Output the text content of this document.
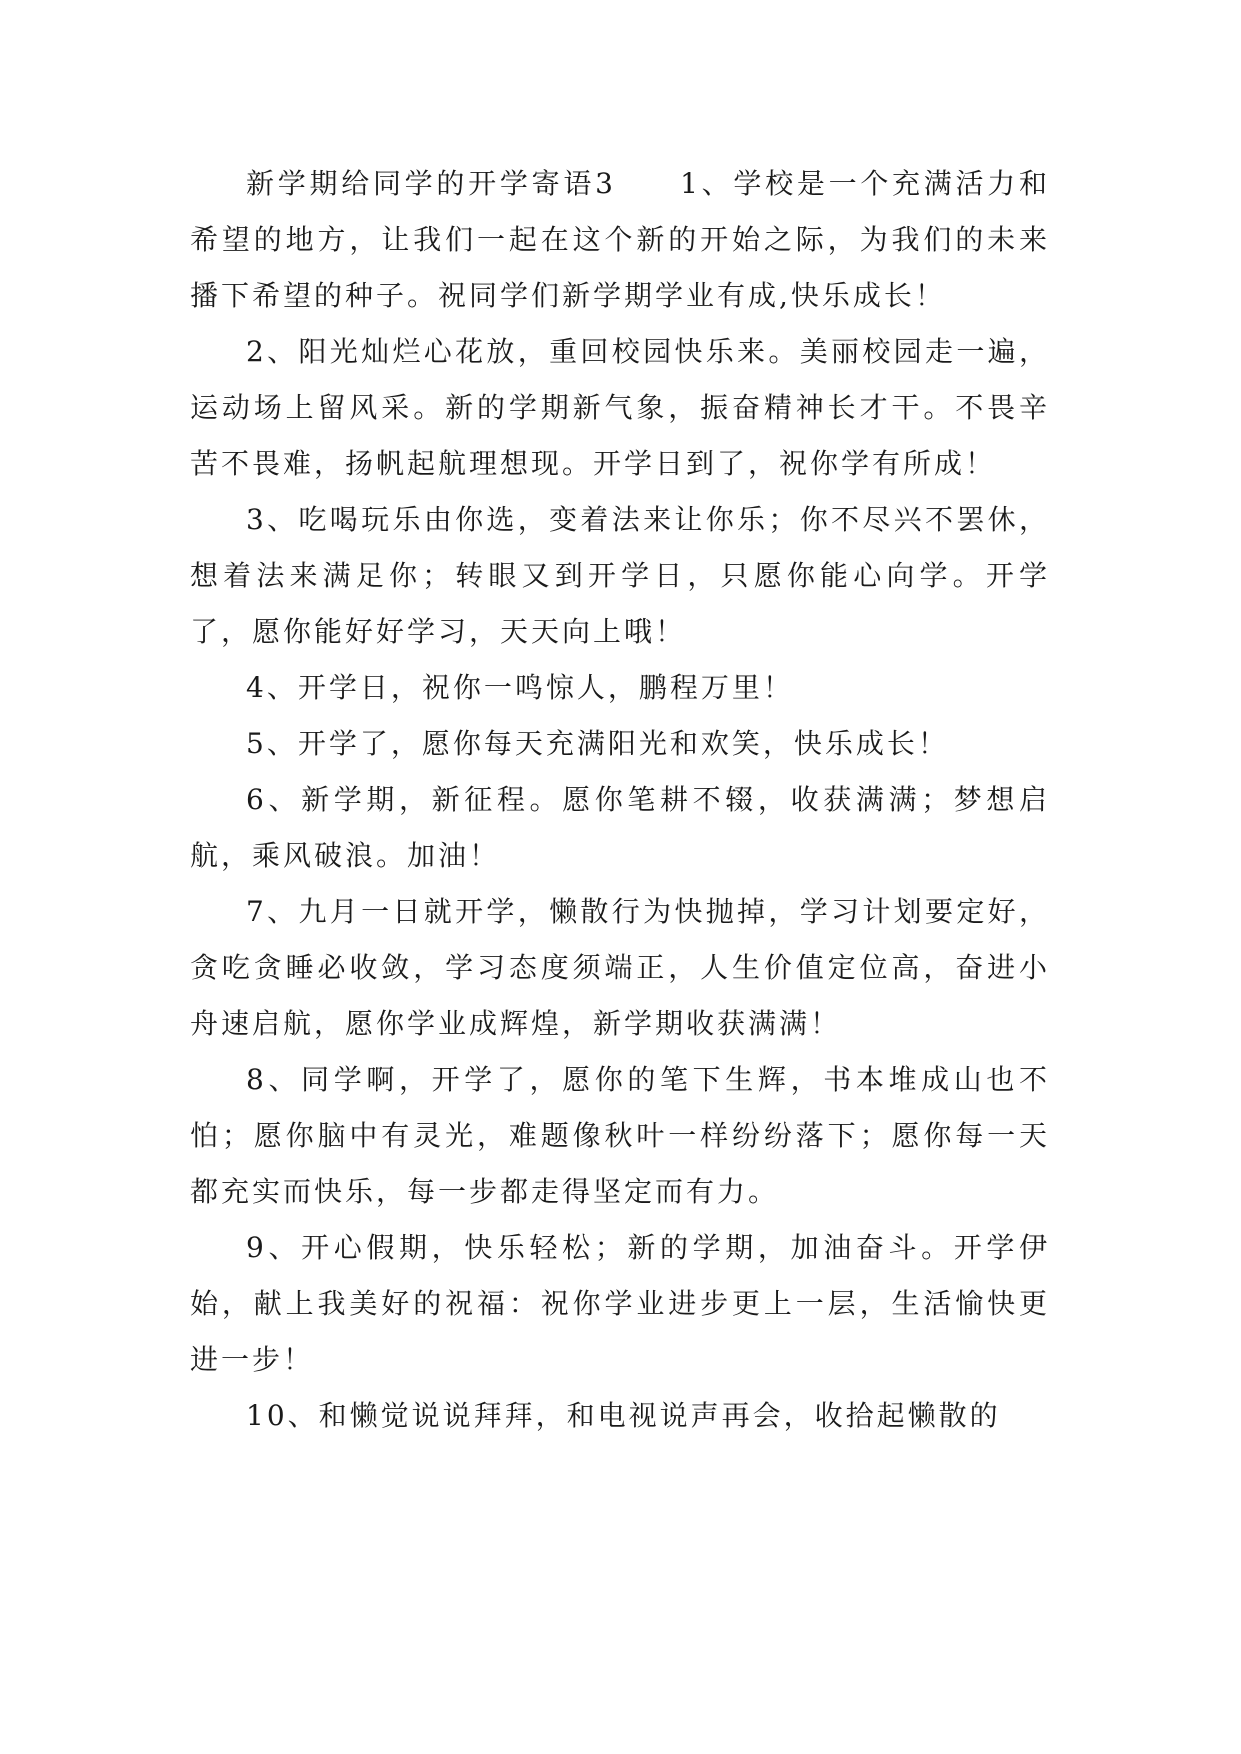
新学期给同学的开学寄语3　　1、学校是一个充满活力和希望的地方，让我们一起在这个新的开始之际，为我们的未来播下希望的种子。祝同学们新学期学业有成,快乐成长！

2、阳光灿烂心花放，重回校园快乐来。美丽校园走一遍，运动场上留风采。新的学期新气象，振奋精神长才干。不畏辛苦不畏难，扬帆起航理想现。开学日到了，祝你学有所成！

3、吃喝玩乐由你选，变着法来让你乐；你不尽兴不罢休，想着法来满足你；转眼又到开学日，只愿你能心向学。开学了，愿你能好好学习，天天向上哦！

4、开学日，祝你一鸣惊人，鹏程万里！

5、开学了，愿你每天充满阳光和欢笑，快乐成长！

6、新学期，新征程。愿你笔耕不辍，收获满满；梦想启航，乘风破浪。加油！

7、九月一日就开学，懒散行为快抛掉，学习计划要定好，贪吃贪睡必收敛，学习态度须端正，人生价值定位高，奋进小舟速启航，愿你学业成辉煌，新学期收获满满！

8、同学啊，开学了，愿你的笔下生辉，书本堆成山也不怕；愿你脑中有灵光，难题像秋叶一样纷纷落下；愿你每一天都充实而快乐，每一步都走得坚定而有力。

9、开心假期，快乐轻松；新的学期，加油奋斗。开学伊始，献上我美好的祝福：祝你学业进步更上一层，生活愉快更进一步！

10、和懒觉说说拜拜，和电视说声再会，收拾起懒散的
